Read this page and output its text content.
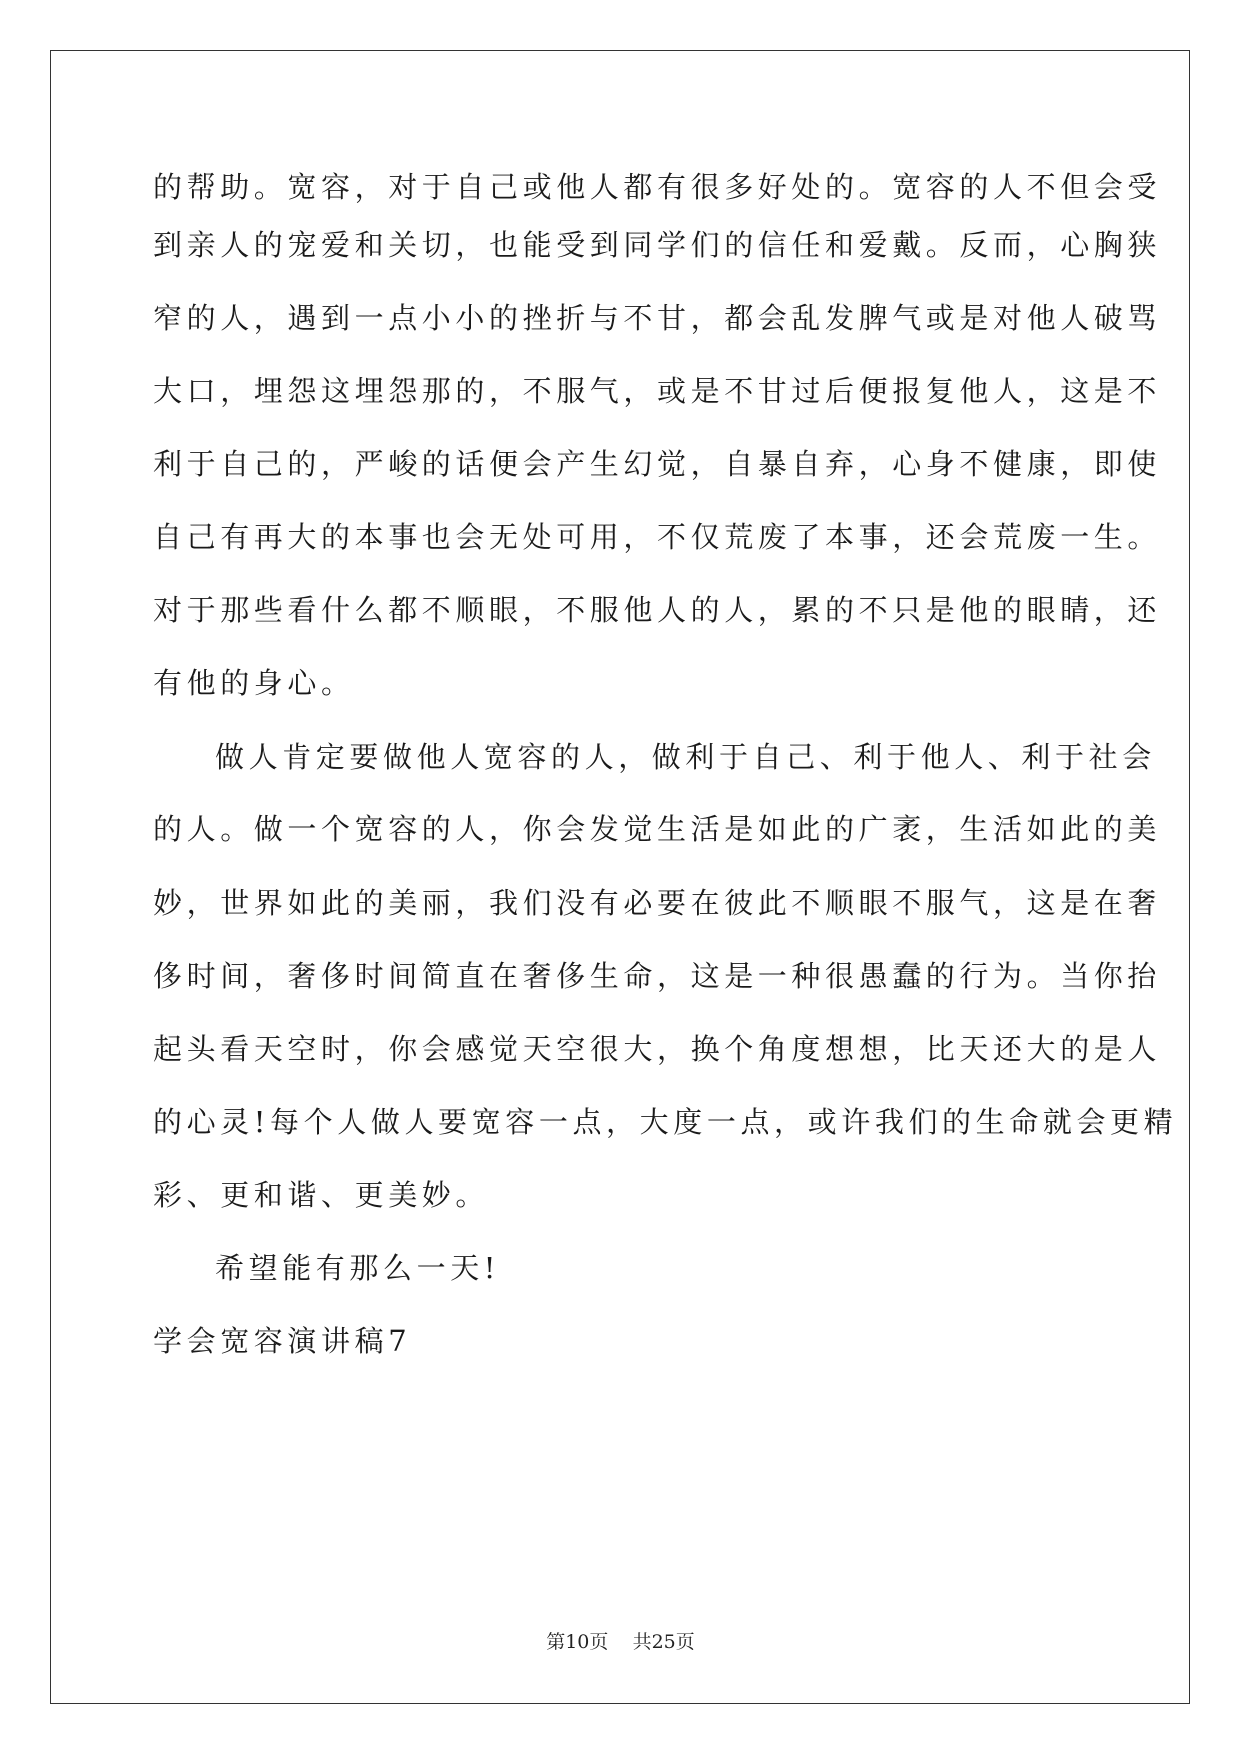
的帮助。宽容，对于自己或他人都有很多好处的。宽容的人不但会受
到亲人的宠爱和关切，也能受到同学们的信任和爱戴。反而，心胸狭
窄的人，遇到一点小小的挫折与不甘，都会乱发脾气或是对他人破骂
大口，埋怨这埋怨那的，不服气，或是不甘过后便报复他人，这是不
利于自己的，严峻的话便会产生幻觉，自暴自弃，心身不健康，即使
自己有再大的本事也会无处可用，不仅荒废了本事，还会荒废一生。
对于那些看什么都不顺眼，不服他人的人，累的不只是他的眼睛，还
有他的身心。
做人肯定要做他人宽容的人，做利于自己、利于他人、利于社会
的人。做一个宽容的人，你会发觉生活是如此的广袤，生活如此的美
妙，世界如此的美丽，我们没有必要在彼此不顺眼不服气，这是在奢
侈时间，奢侈时间简直在奢侈生命，这是一种很愚蠢的行为。当你抬
起头看天空时，你会感觉天空很大，换个角度想想，比天还大的是人
的心灵!每个人做人要宽容一点，大度一点，或许我们的生命就会更精
彩、更和谐、更美妙。
希望能有那么一天!
学会宽容演讲稿7
第10页 共25页
